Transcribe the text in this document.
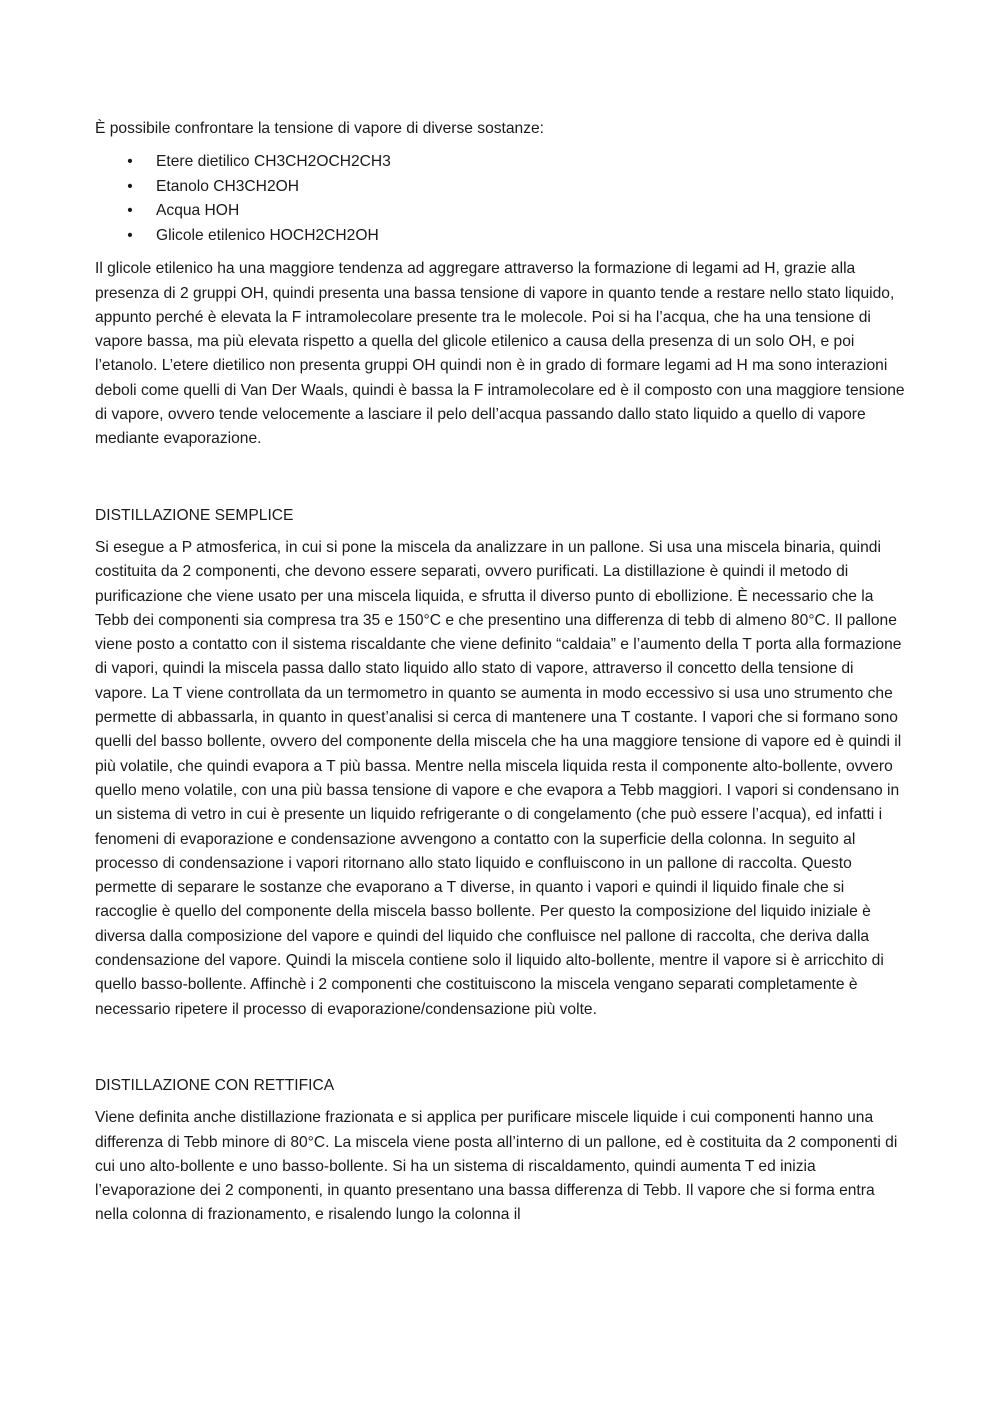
È possibile confrontare la tensione di vapore di diverse sostanze:

• Etere dietilico CH3CH2OCH2CH3
• Etanolo CH3CH2OH
• Acqua HOH
• Glicole etilenico HOCH2CH2OH

Il glicole etilenico ha una maggiore tendenza ad aggregare attraverso la formazione di legami ad H, grazie alla presenza di 2 gruppi OH, quindi presenta una bassa tensione di vapore in quanto tende a restare nello stato liquido, appunto perché è elevata la F intramolecolare presente tra le molecole. Poi si ha l’acqua, che ha una tensione di vapore bassa, ma più elevata rispetto a quella del glicole etilenico a causa della presenza di un solo OH, e poi l’etanolo. L’etere dietilico non presenta gruppi OH quindi non è in grado di formare legami ad H ma sono interazioni deboli come quelli di Van Der Waals, quindi è bassa la F intramolecolare ed è il composto con una maggiore tensione di vapore, ovvero tende velocemente a lasciare il pelo dell’acqua passando dallo stato liquido a quello di vapore mediante evaporazione.

DISTILLAZIONE SEMPLICE

Si esegue a P atmosferica, in cui si pone la miscela da analizzare in un pallone. Si usa una miscela binaria, quindi costituita da 2 componenti, che devono essere separati, ovvero purificati. La distillazione è quindi il metodo di purificazione che viene usato per una miscela liquida, e sfrutta il diverso punto di ebollizione. È necessario che la Tebb dei componenti sia compresa tra 35 e 150°C e che presentino una differenza di tebb di almeno 80°C. Il pallone viene posto a contatto con il sistema riscaldante che viene definito “caldaia” e l’aumento della T porta alla formazione di vapori, quindi la miscela passa dallo stato liquido allo stato di vapore, attraverso il concetto della tensione di vapore. La T viene controllata da un termometro in quanto se aumenta in modo eccessivo si usa uno strumento che permette di abbassarla, in quanto in quest’analisi si cerca di mantenere una T costante. I vapori che si formano sono quelli del basso bollente, ovvero del componente della miscela che ha una maggiore tensione di vapore ed è quindi il più volatile, che quindi evapora a T più bassa. Mentre nella miscela liquida resta il componente alto-bollente, ovvero quello meno volatile, con una più bassa tensione di vapore e che evapora a Tebb maggiori. I vapori si condensano in un sistema di vetro in cui è presente un liquido refrigerante o di congelamento (che può essere l’acqua), ed infatti i fenomeni di evaporazione e condensazione avvengono a contatto con la superficie della colonna. In seguito al processo di condensazione i vapori ritornano allo stato liquido e confluiscono in un pallone di raccolta. Questo permette di separare le sostanze che evaporano a T diverse, in quanto i vapori e quindi il liquido finale che si raccoglie è quello del componente della miscela basso bollente. Per questo la composizione del liquido iniziale è diversa dalla composizione del vapore e quindi del liquido che confluisce nel pallone di raccolta, che deriva dalla condensazione del vapore. Quindi la miscela contiene solo il liquido alto-bollente, mentre il vapore si è arricchito di quello basso-bollente. Affinchè i 2 componenti che costituiscono la miscela vengano separati completamente è necessario ripetere il processo di evaporazione/condensazione più volte.

DISTILLAZIONE CON RETTIFICA

Viene definita anche distillazione frazionata e si applica per purificare miscele liquide i cui componenti hanno una differenza di Tebb minore di 80°C. La miscela viene posta all’interno di un pallone, ed è costituita da 2 componenti di cui uno alto-bollente e uno basso-bollente. Si ha un sistema di riscaldamento, quindi aumenta T ed inizia l’evaporazione dei 2 componenti, in quanto presentano una bassa differenza di Tebb. Il vapore che si forma entra nella colonna di frazionamento, e risalendo lungo la colonna il
